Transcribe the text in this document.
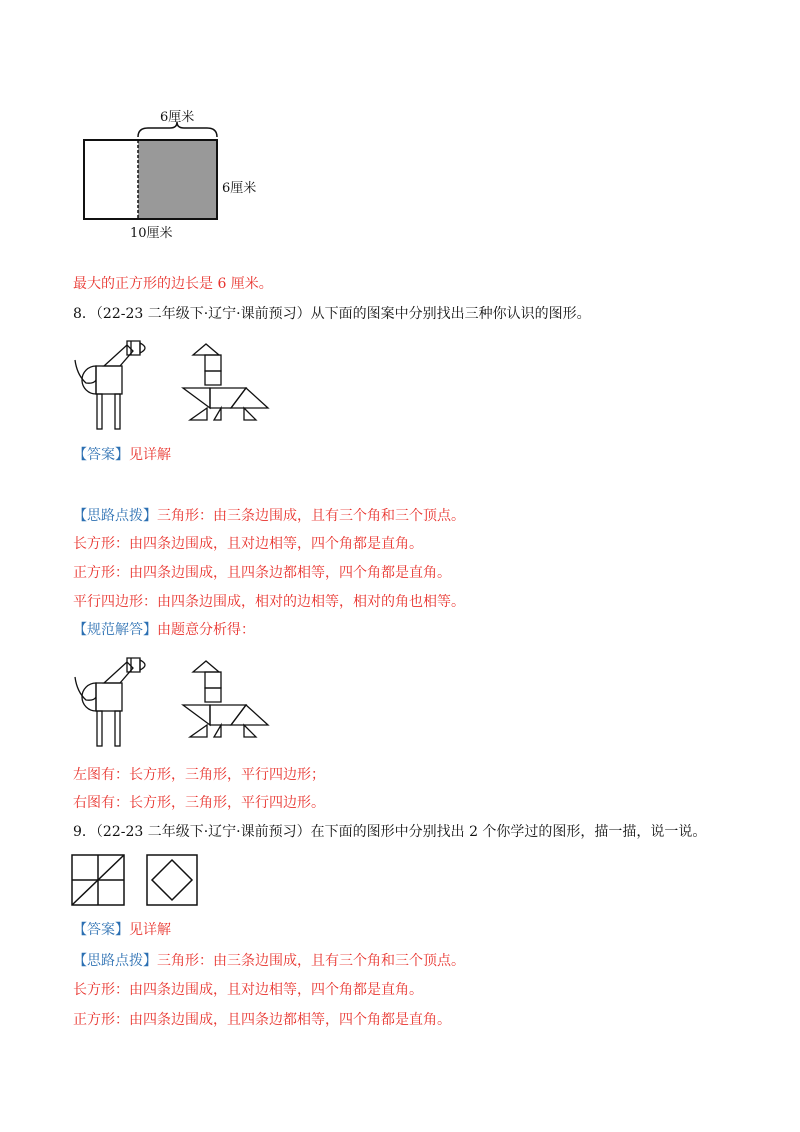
6厘米
6厘米
10厘米
最大的正方形的边长是 6 厘米。
8．（22-23 二年级下·辽宁·课前预习）从下面的图案中分别找出三种你认识的图形。
【答案】见详解
【思路点拨】三角形：由三条边围成，且有三个角和三个顶点。
长方形：由四条边围成，且对边相等，四个角都是直角。
正方形：由四条边围成，且四条边都相等，四个角都是直角。
平行四边形：由四条边围成，相对的边相等，相对的角也相等。
【规范解答】由题意分析得：
左图有：长方形，三角形，平行四边形；
右图有：长方形，三角形，平行四边形。
9．（22-23 二年级下·辽宁·课前预习）在下面的图形中分别找出 2 个你学过的图形，描一描，说一说。
【答案】见详解
【思路点拨】三角形：由三条边围成，且有三个角和三个顶点。
长方形：由四条边围成，且对边相等，四个角都是直角。
正方形：由四条边围成，且四条边都相等，四个角都是直角。
